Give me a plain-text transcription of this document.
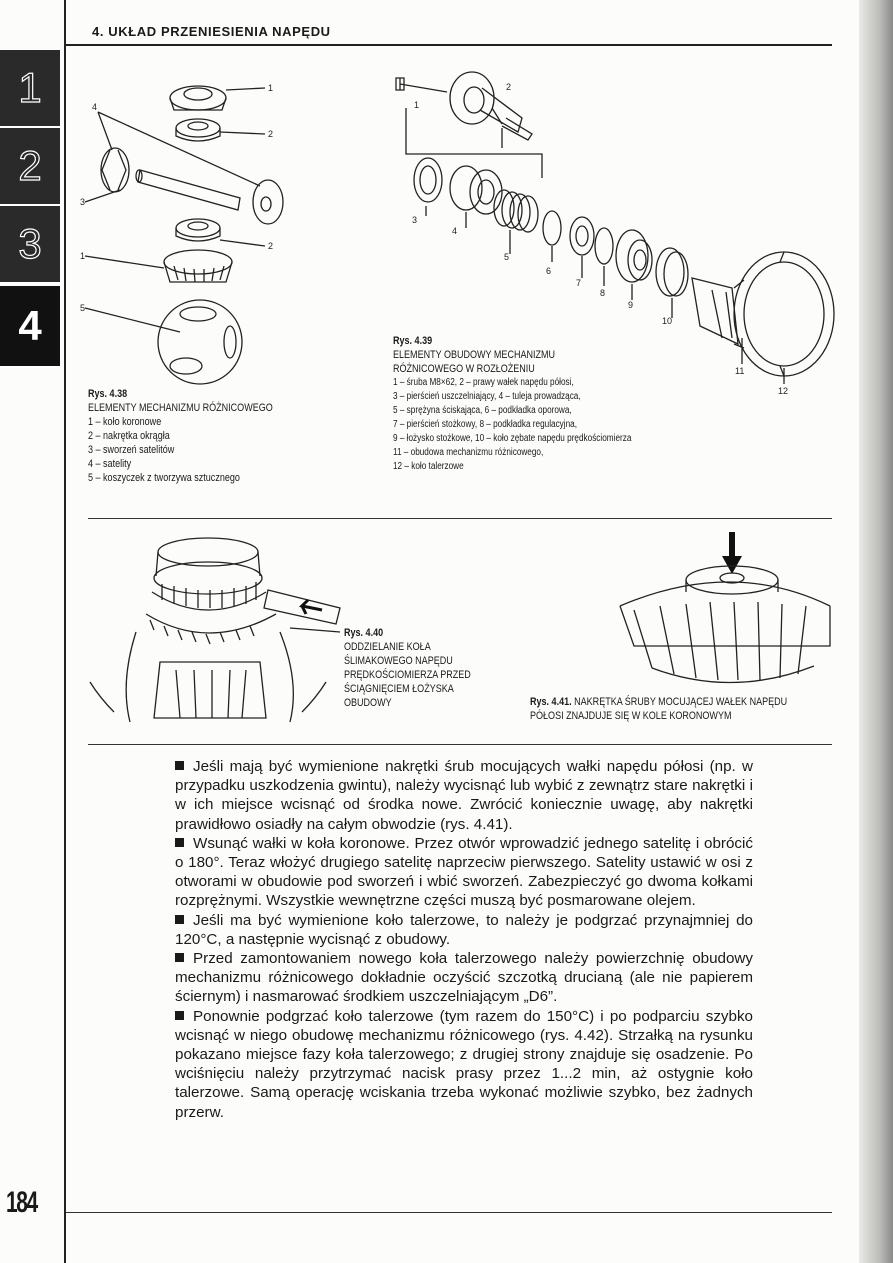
4. UKŁAD PRZENIESIENIA NAPĘDU
1
2
3
4
1
2
3
2
1
4
5
Rys. 4.38
ELEMENTY MECHANIZMU RÓŻNICOWEGO
1 – koło koronowe
2 – nakrętka okrągła
3 – sworzeń satelitów
4 – satelity
5 – koszyczek z tworzywa sztucznego
1
2
3
4
5
6
7
8
9
10
11
12
Rys. 4.39
ELEMENTY OBUDOWY MECHANIZMU
RÓŻNICOWEGO W ROZŁOŻENIU
1 – śruba M8×62, 2 – prawy wałek napędu półosi,
3 – pierścień uszczelniający, 4 – tuleja prowadząca,
5 – sprężyna ściskająca, 6 – podkładka oporowa,
7 – pierścień stożkowy, 8 – podkładka regulacyjna,
9 – łożysko stożkowe, 10 – koło zębate napędu prędkościomierza
11 – obudowa mechanizmu różnicowego,
12 – koło talerzowe
Rys. 4.40
ODDZIELANIE KOŁA
ŚLIMAKOWEGO NAPĘDU
PRĘDKOŚCIOMIERZA PRZED
ŚCIĄGNIĘCIEM ŁOŻYSKA
OBUDOWY	Rys. 4.41. NAKRĘTKA ŚRUBY MOCUJĄCEJ WAŁEK NAPĘDU
PÓŁOSI ZNAJDUJE SIĘ W KOLE KORONOWYM

Jeśli mają być wymienione nakrętki śrub mocujących wałki napędu półosi (np. w przypadku uszkodzenia gwintu), należy wycisnąć lub wybić z zewnątrz stare nakrętki i w ich miejsce wcisnąć od środka nowe. Zwrócić koniecznie uwagę, aby nakrętki prawidłowo osiadły na całym obwodzie (rys. 4.41).

Wsunąć wałki w koła koronowe. Przez otwór wprowadzić jednego satelitę i obrócić o 180°. Teraz włożyć drugiego satelitę naprzeciw pierwszego. Satelity ustawić w osi z otworami w obudowie pod sworzeń i wbić sworzeń. Zabezpieczyć go dwoma kołkami rozprężnymi. Wszystkie wewnętrzne części muszą być posmarowane olejem.

Jeśli ma być wymienione koło talerzowe, to należy je podgrzać przynajmniej do 120°C, a następnie wycisnąć z obudowy.

Przed zamontowaniem nowego koła talerzowego należy powierzchnię obudowy mechanizmu różnicowego dokładnie oczyścić szczotką drucianą (ale nie papierem ściernym) i nasmarować środkiem uszczelniającym „D6”.

Ponownie podgrzać koło talerzowe (tym razem do 150°C) i po podparciu szybko wcisnąć w niego obudowę mechanizmu różnicowego (rys. 4.42). Strzałką na rysunku pokazano miejsce fazy koła talerzowego; z drugiej strony znajduje się osadzenie. Po wciśnięciu należy przytrzymać nacisk prasy przez 1...2 min, aż ostygnie koło talerzowe. Samą operację wciskania trzeba wykonać możliwie szybko, bez żadnych przerw.

184
